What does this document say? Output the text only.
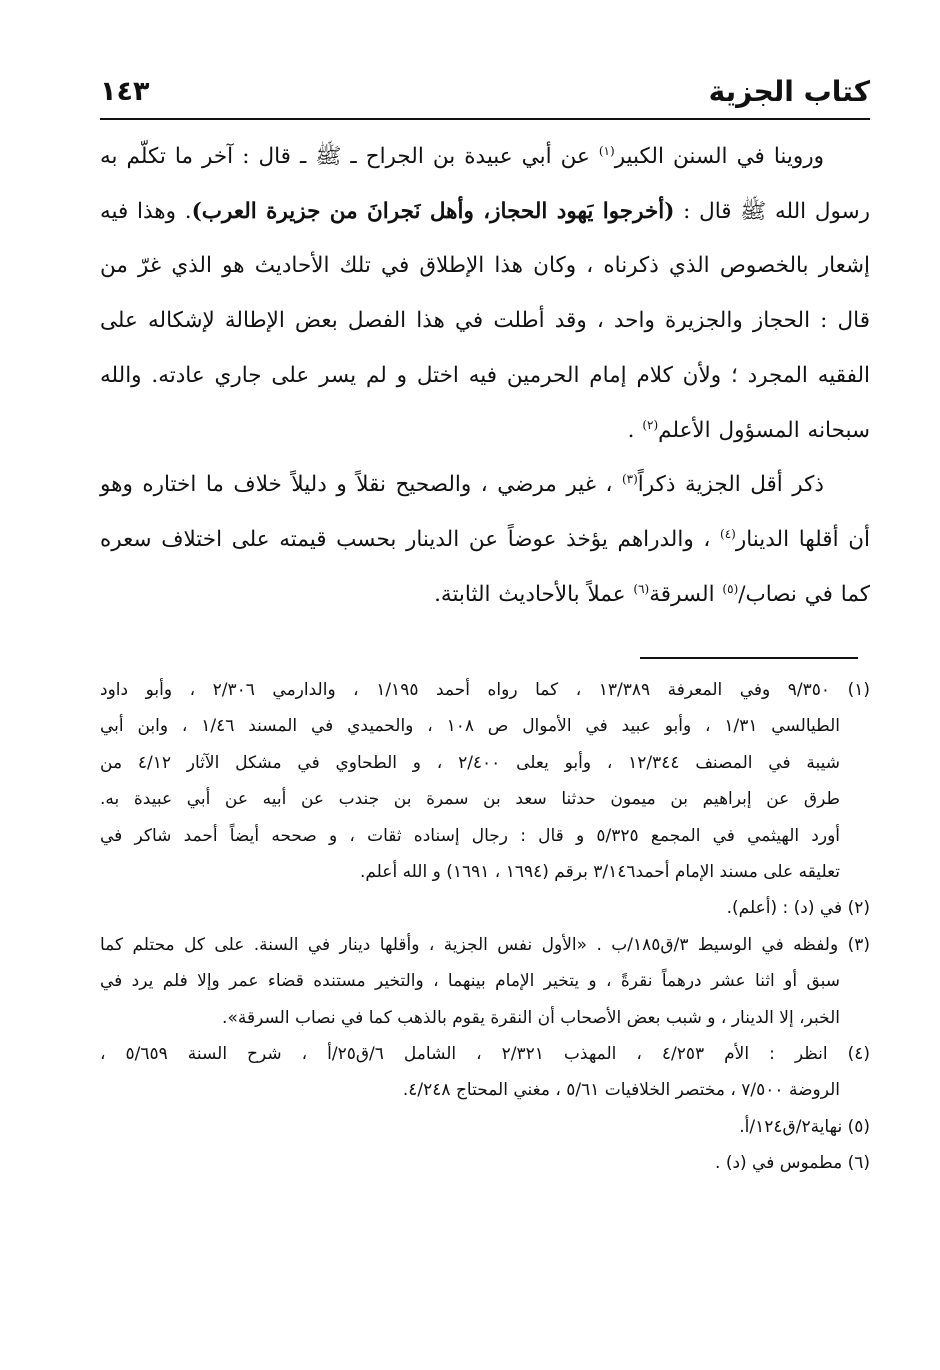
كتاب الجزية
١٤٣

وروينا في السنن الكبير$^{(١)}$ عن أبي عبيدة بن الجراح ـ ﷺ ـ قال : آخر ما تكلّم به رسول الله ﷺ قال : (أخرجوا يَهود الحجاز، وأهل نَجرانَ من جزيرة العرب). وهذا فيه إشعار بالخصوص الذي ذكرناه ، وكان هذا الإطلاق في تلك الأحاديث هو الذي غرّ من قال : الحجاز والجزيرة واحد ، وقد أطلت في هذا الفصل بعض الإطالة لإشكاله على الفقيه المجرد ؛ ولأن كلام إمام الحرمين فيه اختل و لم يسر على جاري عادته. والله سبحانه المسؤول الأعلم$^{(٢)}$ .

ذكر أقل الجزية ذكراً$^{(٣)}$ ، غير مرضي ، والصحيح نقلاً و دليلاً خلاف ما اختاره وهو أن أقلها الدينار$^{(٤)}$ ، والدراهم يؤخذ عوضاً عن الدينار بحسب قيمته على اختلاف سعره كما في نصاب/$^{(٥)}$ السرقة$^{(٦)}$ عملاً بالأحاديث الثابتة.

(١) ٩/٣٥٠ وفي المعرفة ١٣/٣٨٩ ، كما رواه أحمد ١/١٩٥ ، والدارمي ٢/٣٠٦ ، وأبو داود
الطيالسي ١/٣١ ، وأبو عبيد في الأموال ص ١٠٨ ، والحميدي في المسند ١/٤٦ ، وابن أبي
شيبة في المصنف ١٢/٣٤٤ ، وأبو يعلى ٢/٤٠٠ ، و الطحاوي في مشكل الآثار ٤/١٢ من
طرق عن إبراهيم بن ميمون حدثنا سعد بن سمرة بن جندب عن أبيه عن أبي عبيدة به.
أورد الهيثمي في المجمع ٥/٣٢٥ و قال : رجال إسناده ثقات ، و صححه أيضاً أحمد شاكر في
تعليقه على مسند الإمام أحمد٣/١٤٦ برقم (١٦٩٤ ، ١٦٩١) و الله أعلم.
(٢) في (د) : (أعلم).
(٣) ولفظه في الوسيط ٣/ق١٨٥/ب . «الأول نفس الجزية ، وأقلها دينار في السنة. على كل محتلم كما
سبق أو اثنا عشر درهماً نقرةً ، و يتخير الإمام بينهما ، والتخير مستنده قضاء عمر وإلا فلم يرد في
الخبر، إلا الدينار ، و شبب بعض الأصحاب أن النقرة يقوم بالذهب كما في نصاب السرقة».
(٤) انظر : الأم ٤/٢٥٣ ، المهذب ٢/٣٢١ ، الشامل ٦/ق٢٥/أ ، شرح السنة ٥/٦٥٩ ،
الروضة ٧/٥٠٠ ، مختصر الخلافيات ٥/٦١ ، مغني المحتاج ٤/٢٤٨.
(٥) نهاية٢/ق١٢٤/أ.
(٦) مطموس في (د) .
